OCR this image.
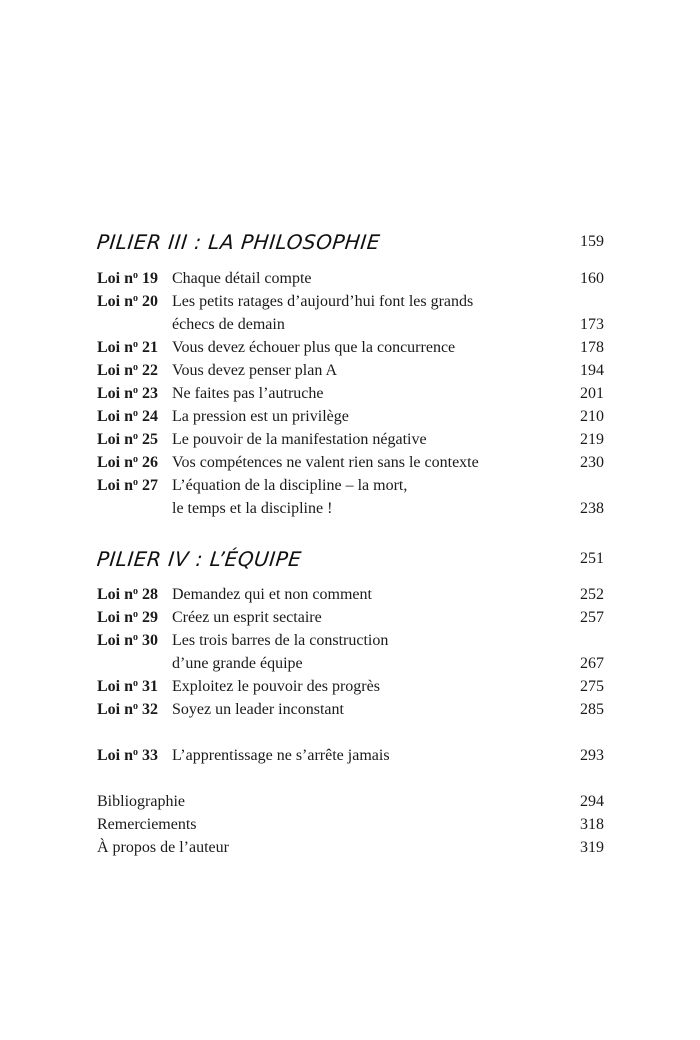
PILIER III : LA PHILOSOPHIE	159
Loi $n^o$ 19 Chaque détail compte	160
Loi $n^o$ 20 Les petits ratages d’aujourd’hui font les grands
échecs de demain	173
Loi $n^o$ 21 Vous devez échouer plus que la concurrence	178
Loi $n^o$ 22 Vous devez penser plan A	194
Loi $n^o$ 23 Ne faites pas l’autruche	201
Loi $n^o$ 24 La pression est un privilège	210
Loi $n^o$ 25 Le pouvoir de la manifestation négative	219
Loi $n^o$ 26 Vos compétences ne valent rien sans le contexte	230
Loi $n^o$ 27 L’équation de la discipline – la mort,
le temps et la discipline !	238
PILIER IV : L’ÉQUIPE	251
Loi $n^o$ 28 Demandez qui et non comment	252
Loi $n^o$ 29 Créez un esprit sectaire	257
Loi $n^o$ 30 Les trois barres de la construction
d’une grande équipe	267
Loi $n^o$ 31 Exploitez le pouvoir des progrès	275
Loi $n^o$ 32 Soyez un leader inconstant	285
Loi $n^o$ 33 L’apprentissage ne s’arrête jamais	293
Bibliographie	294
Remerciements	318
À propos de l’auteur	319
